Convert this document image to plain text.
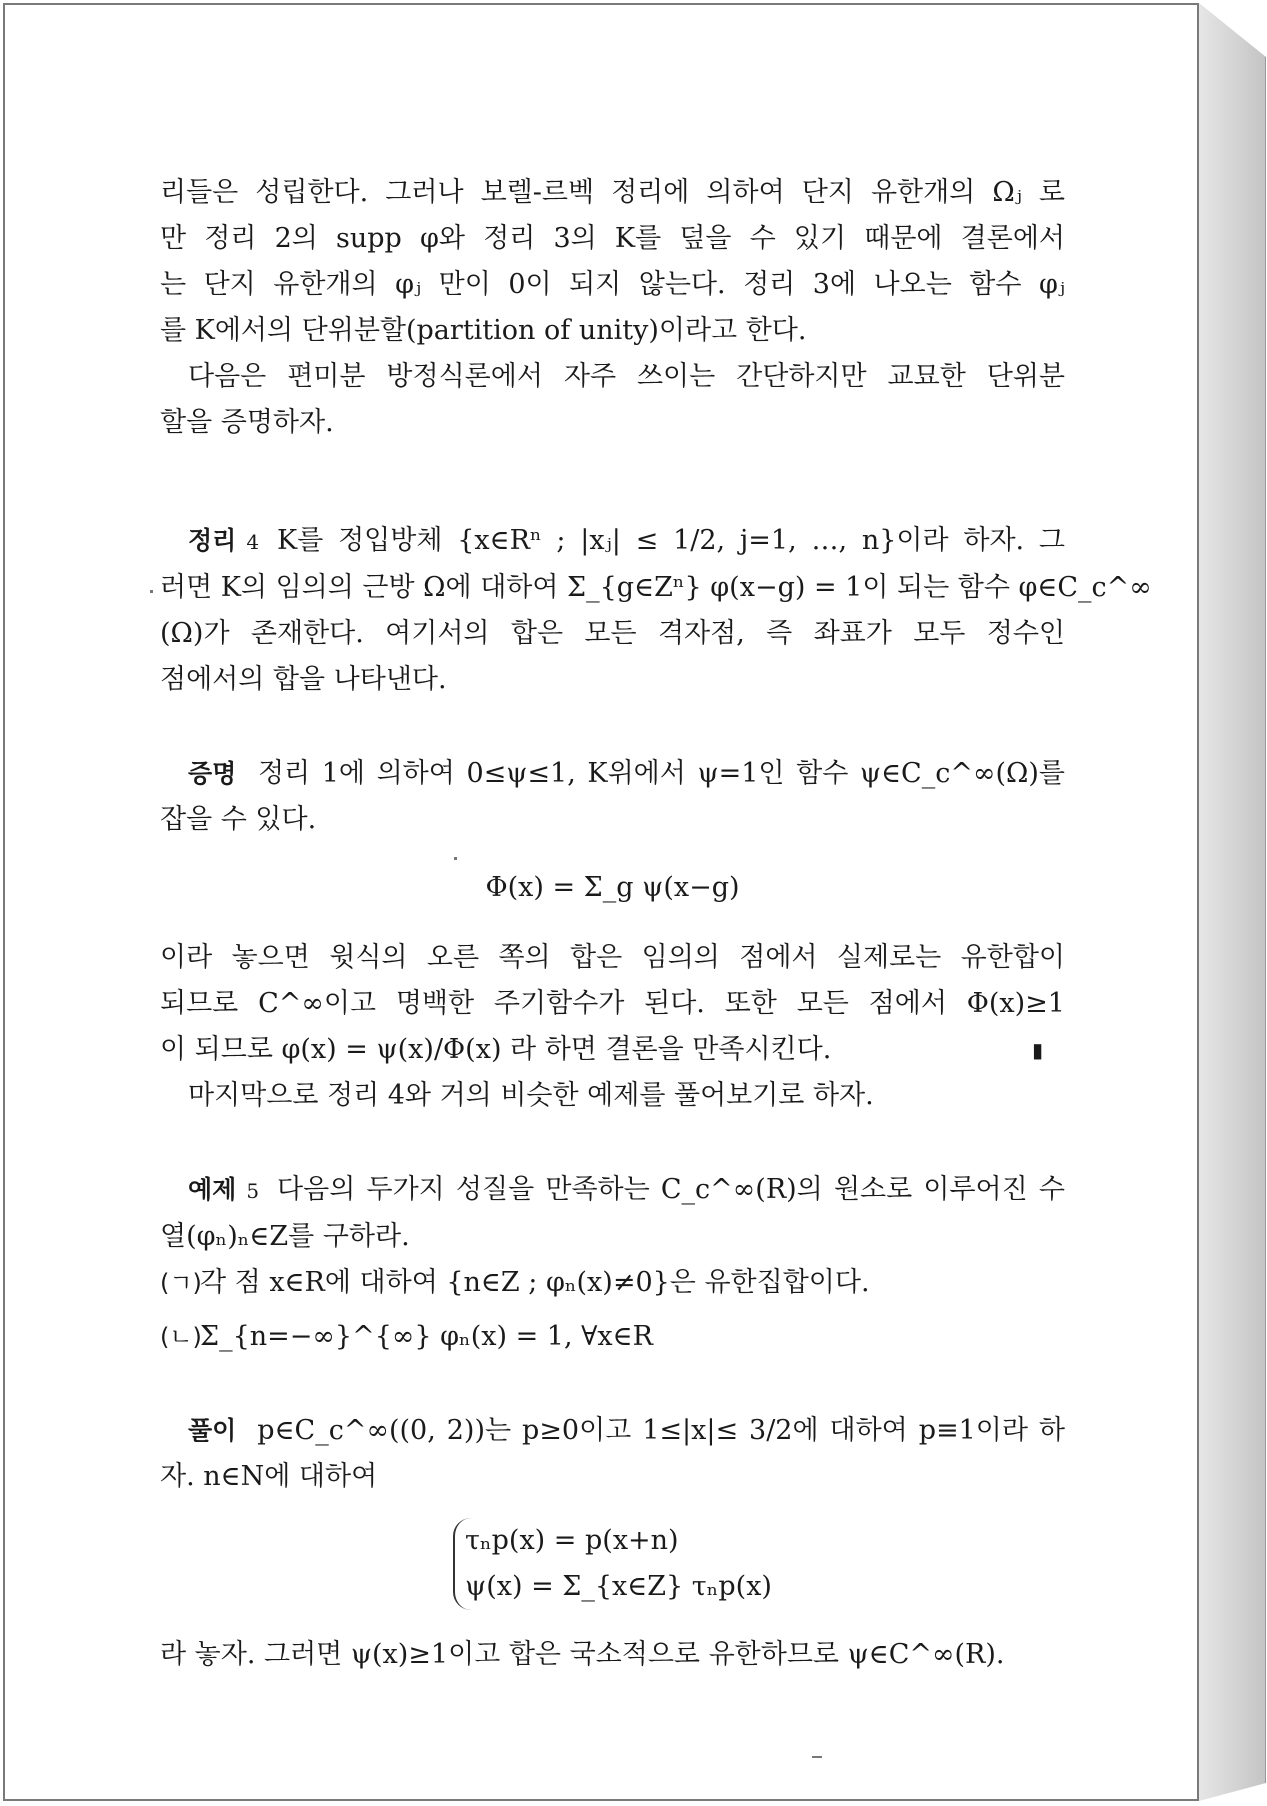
리들은 성립한다. 그러나 보렐-르벡 정리에 의하여 단지 유한개의 Ωⱼ 로
만 정리 2의 supp φ와 정리 3의 K를 덮을 수 있기 때문에 결론에서
는 단지 유한개의 φⱼ 만이 0이 되지 않는다. 정리 3에 나오는 함수 φⱼ
를 K에서의 단위분할(partition of unity)이라고 한다.
다음은 편미분 방정식론에서 자주 쓰이는 간단하지만 교묘한 단위분
할을 증명하자.
정리 4 K를 정입방체 {x∈Rⁿ ; |xⱼ| ≤ 1/2, j=1, …, n}이라 하자. 그
러면 K의 임의의 근방 Ω에 대하여 Σ_{g∈Zⁿ} φ(x−g) = 1이 되는 함수 φ∈C_c^∞
(Ω)가 존재한다. 여기서의 합은 모든 격자점, 즉 좌표가 모두 정수인
점에서의 합을 나타낸다.
증명 정리 1에 의하여 0≤ψ≤1, K위에서 ψ=1인 함수 ψ∈C_c^∞(Ω)를
잡을 수 있다.
Φ(x) = Σ_g ψ(x−g)
이라 놓으면 윗식의 오른 쪽의 합은 임의의 점에서 실제로는 유한합이
되므로 C^∞이고 명백한 주기함수가 된다. 또한 모든 점에서 Φ(x)≥1
이 되므로 φ(x) = ψ(x)/Φ(x) 라 하면 결론을 만족시킨다.	▮
마지막으로 정리 4와 거의 비슷한 예제를 풀어보기로 하자.
예제 5 다음의 두가지 성질을 만족하는 C_c^∞(R)의 원소로 이루어진 수
열(φₙ)ₙ∈Z를 구하라.
(ㄱ)각 점 x∈R에 대하여 {n∈Z ; φₙ(x)≠0}은 유한집합이다.
(ㄴ)Σ_{n=−∞}^{∞} φₙ(x) = 1, ∀x∈R
풀이 p∈C_c^∞((0, 2))는 p≥0이고 1≤|x|≤ 3/2에 대하여 p≡1이라 하
자. n∈N에 대하여
τₙp(x) = p(x+n)
ψ(x) = Σ_{x∈Z} τₙp(x)
라 놓자. 그러면 ψ(x)≥1이고 합은 국소적으로 유한하므로 ψ∈C^∞(R).
